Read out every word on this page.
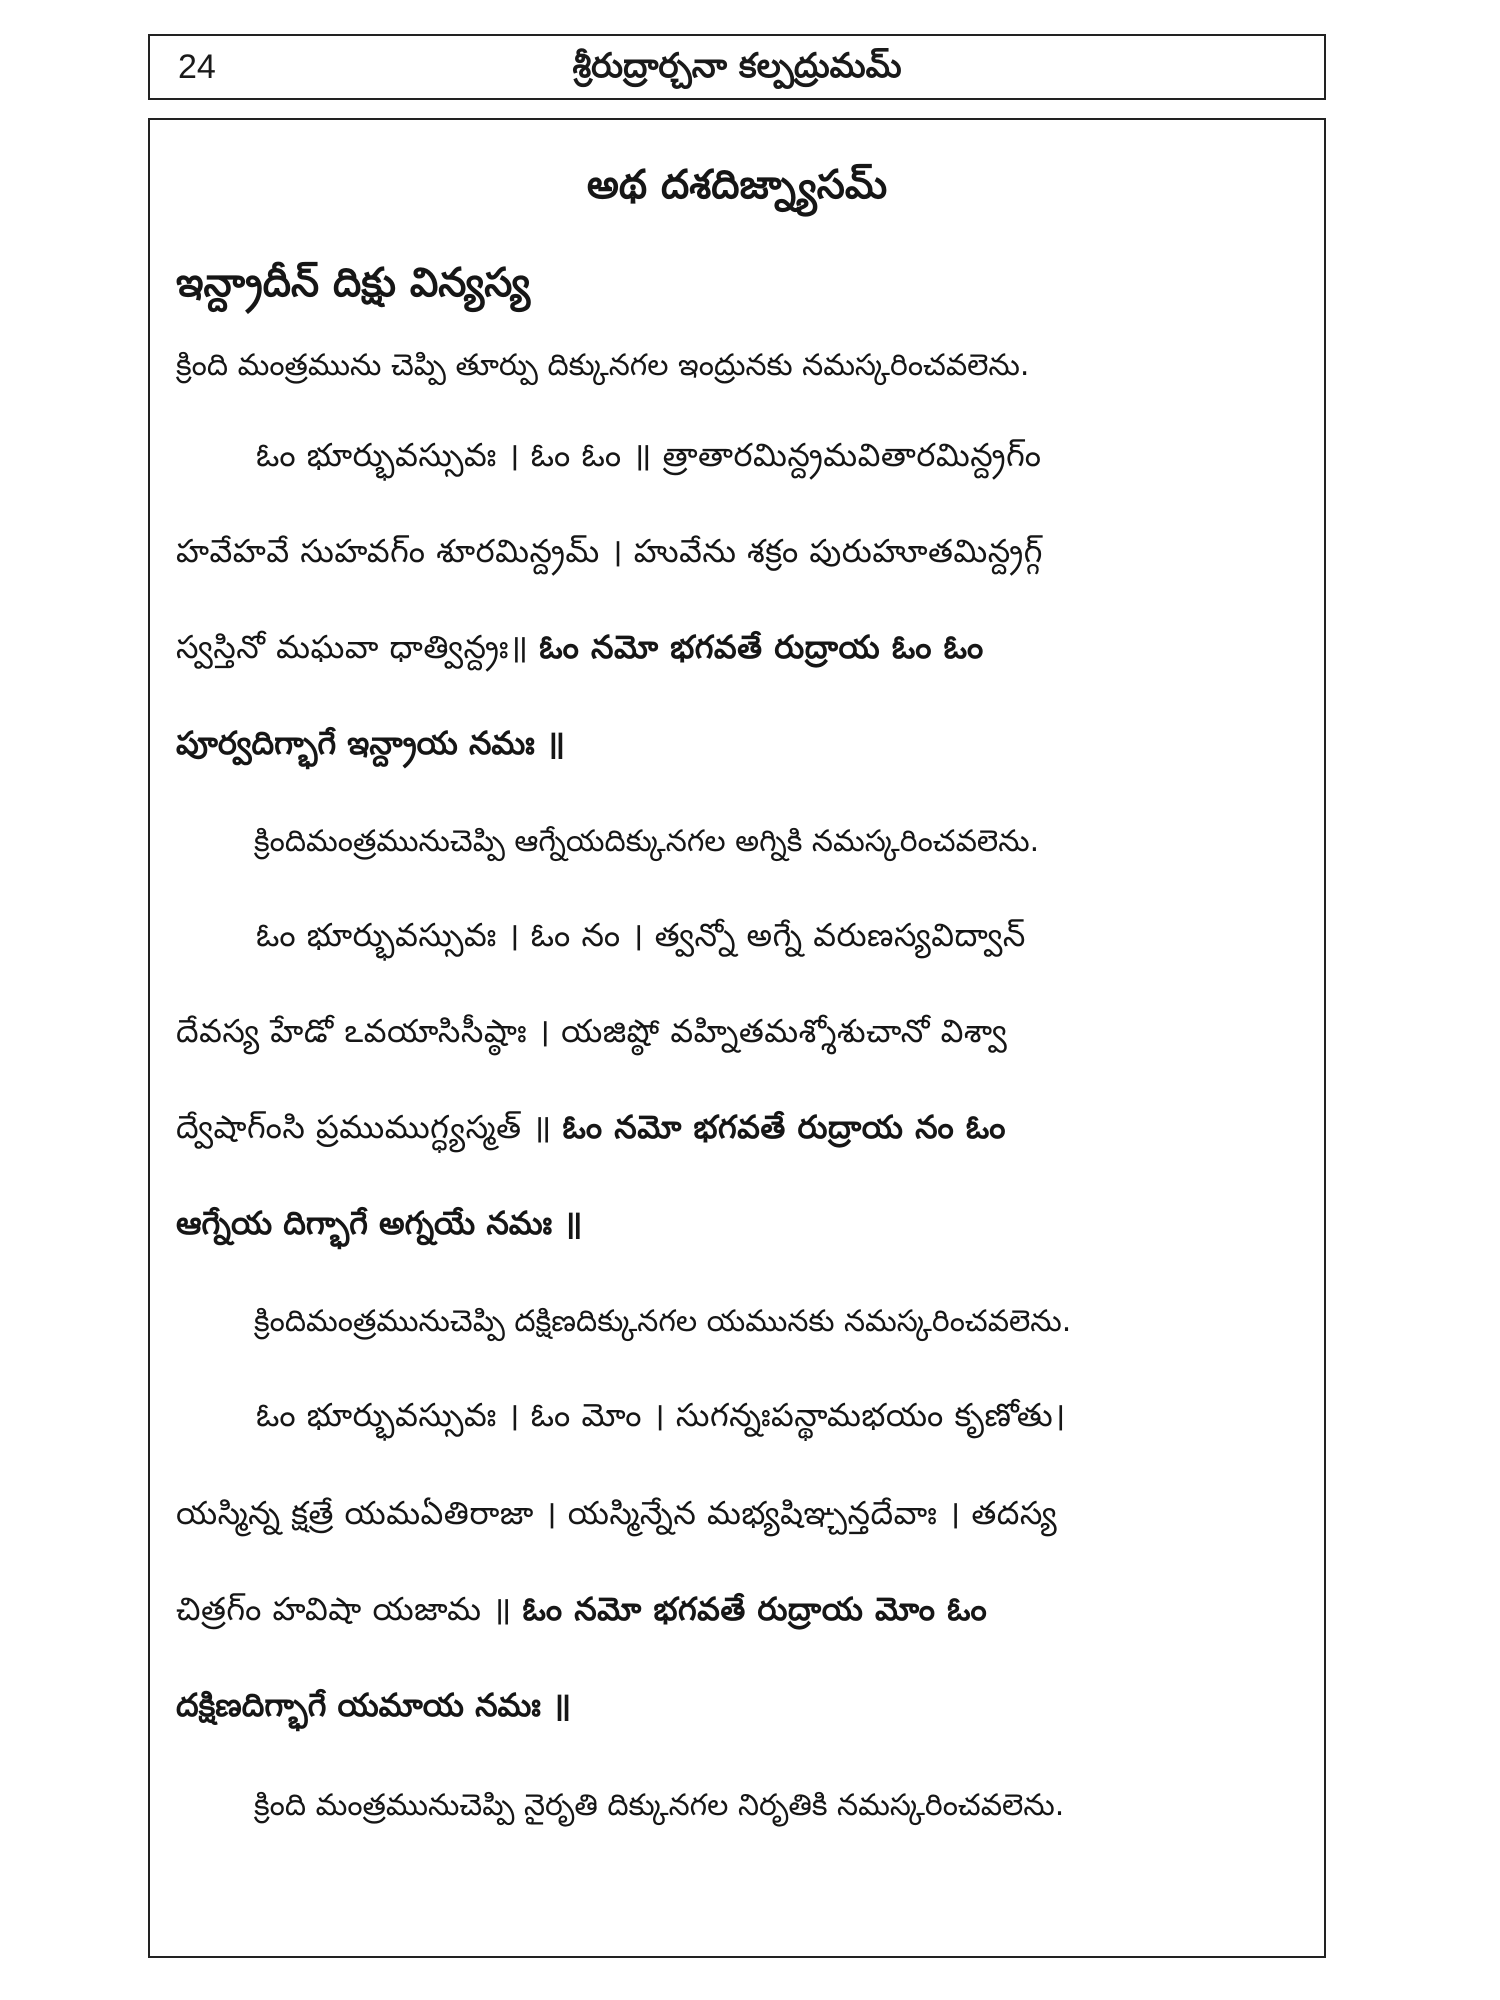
24	శ్రీరుద్రార్చనా కల్పద్రుమమ్
అథ దశదిజ్న్యాసమ్
ఇన్ద్రాదీన్ దిక్షు విన్యస్య
క్రింది మంత్రమును చెప్పి తూర్పు దిక్కునగల ఇంద్రునకు నమస్కరించవలెను.
ఓం భూర్భువస్సువః । ఓం ఓం ॥ త్రాతారమిన్ద్రమవితారమిన్ద్రగ్ం
హవేహవే సుహవగ్ం శూరమిన్ద్రమ్ । హువేను శక్రం పురుహూతమిన్ద్రగ్గ్
స్వస్తినో మఘవా ధాత్విన్ద్రః॥ ఓం నమో భగవతే రుద్రాయ ఓం ఓం
పూర్వదిగ్భాగే ఇన్ద్రాయ నమః ॥
క్రిందిమంత్రమునుచెప్పి ఆగ్నేయదిక్కునగల అగ్నికి నమస్కరించవలెను.
ఓం భూర్భువస్సువః । ఓం నం । త్వన్నో అగ్నే వరుణస్యవిద్వాన్
దేవస్య హేడో ఽవయాసిసీష్ఠాః । యజిష్ఠో వహ్నితమశ్శోశుచానో విశ్వా
ద్వేషాగ్ంసి ప్రముముగ్ధ్యస్మత్ ॥ ఓం నమో భగవతే రుద్రాయ నం ఓం
ఆగ్నేయ దిగ్భాగే అగ్నయే నమః ॥
క్రిందిమంత్రమునుచెప్పి దక్షిణదిక్కునగల యమునకు నమస్కరించవలెను.
ఓం భూర్భువస్సువః । ఓం మోం । సుగన్నఃపన్థామభయం కృణోతు।
యస్మిన్న క్షత్రే యమఏతిరాజా । యస్మిన్నేన మభ్యషిఞ్చన్తదేవాః । తదస్య
చిత్రగ్ం హవిషా యజామ ॥ ఓం నమో భగవతే రుద్రాయ మోం ఓం
దక్షిణదిగ్భాగే యమాయ నమః ॥
క్రింది మంత్రమునుచెప్పి నైరృతి దిక్కునగల నిరృతికి నమస్కరించవలెను.
